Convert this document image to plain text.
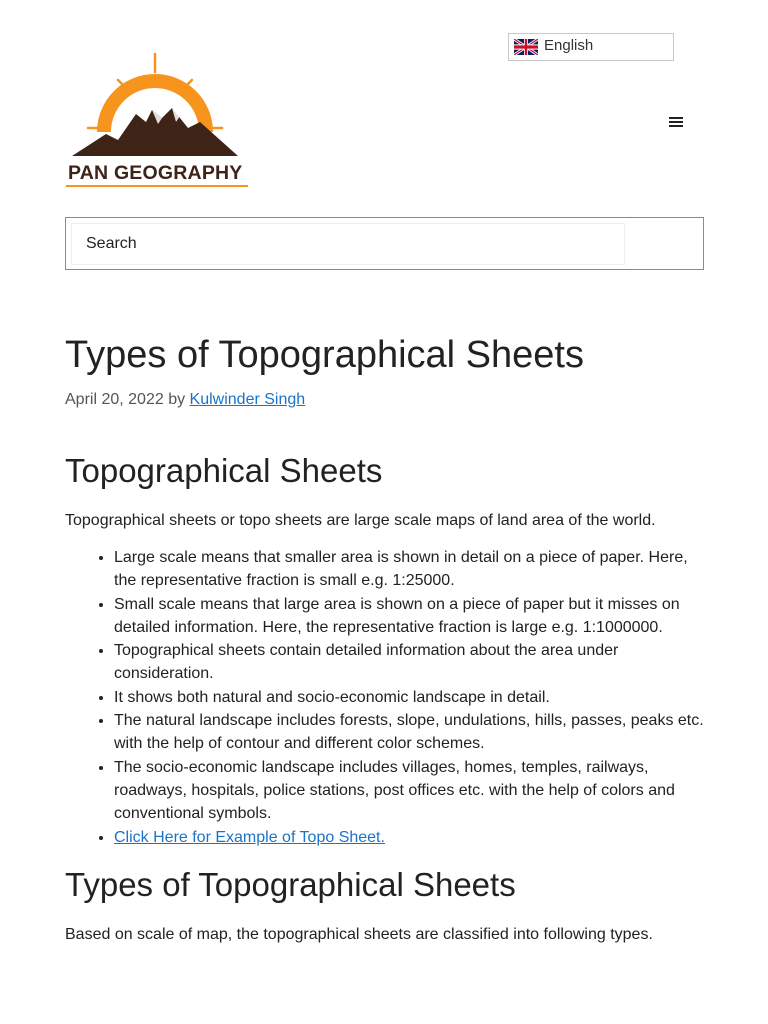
English
PAN GEOGRAPHY
Search
Types of Topographical Sheets
April 20, 2022 by Kulwinder Singh
Topographical Sheets

Topographical sheets or topo sheets are large scale maps of land area of the world.

• Large scale means that smaller area is shown in detail on a piece of paper. Here, the representative fraction is small e.g. 1:25000.
• Small scale means that large area is shown on a piece of paper but it misses on detailed information. Here, the representative fraction is large e.g. 1:1000000.
• Topographical sheets contain detailed information about the area under consideration.
• It shows both natural and socio-economic landscape in detail.
• The natural landscape includes forests, slope, undulations, hills, passes, peaks etc. with the help of contour and different color schemes.
• The socio-economic landscape includes villages, homes, temples, railways, roadways, hospitals, police stations, post offices etc. with the help of colors and conventional symbols.
• Click Here for Example of Topo Sheet.
Types of Topographical Sheets

Based on scale of map, the topographical sheets are classified into following types.
